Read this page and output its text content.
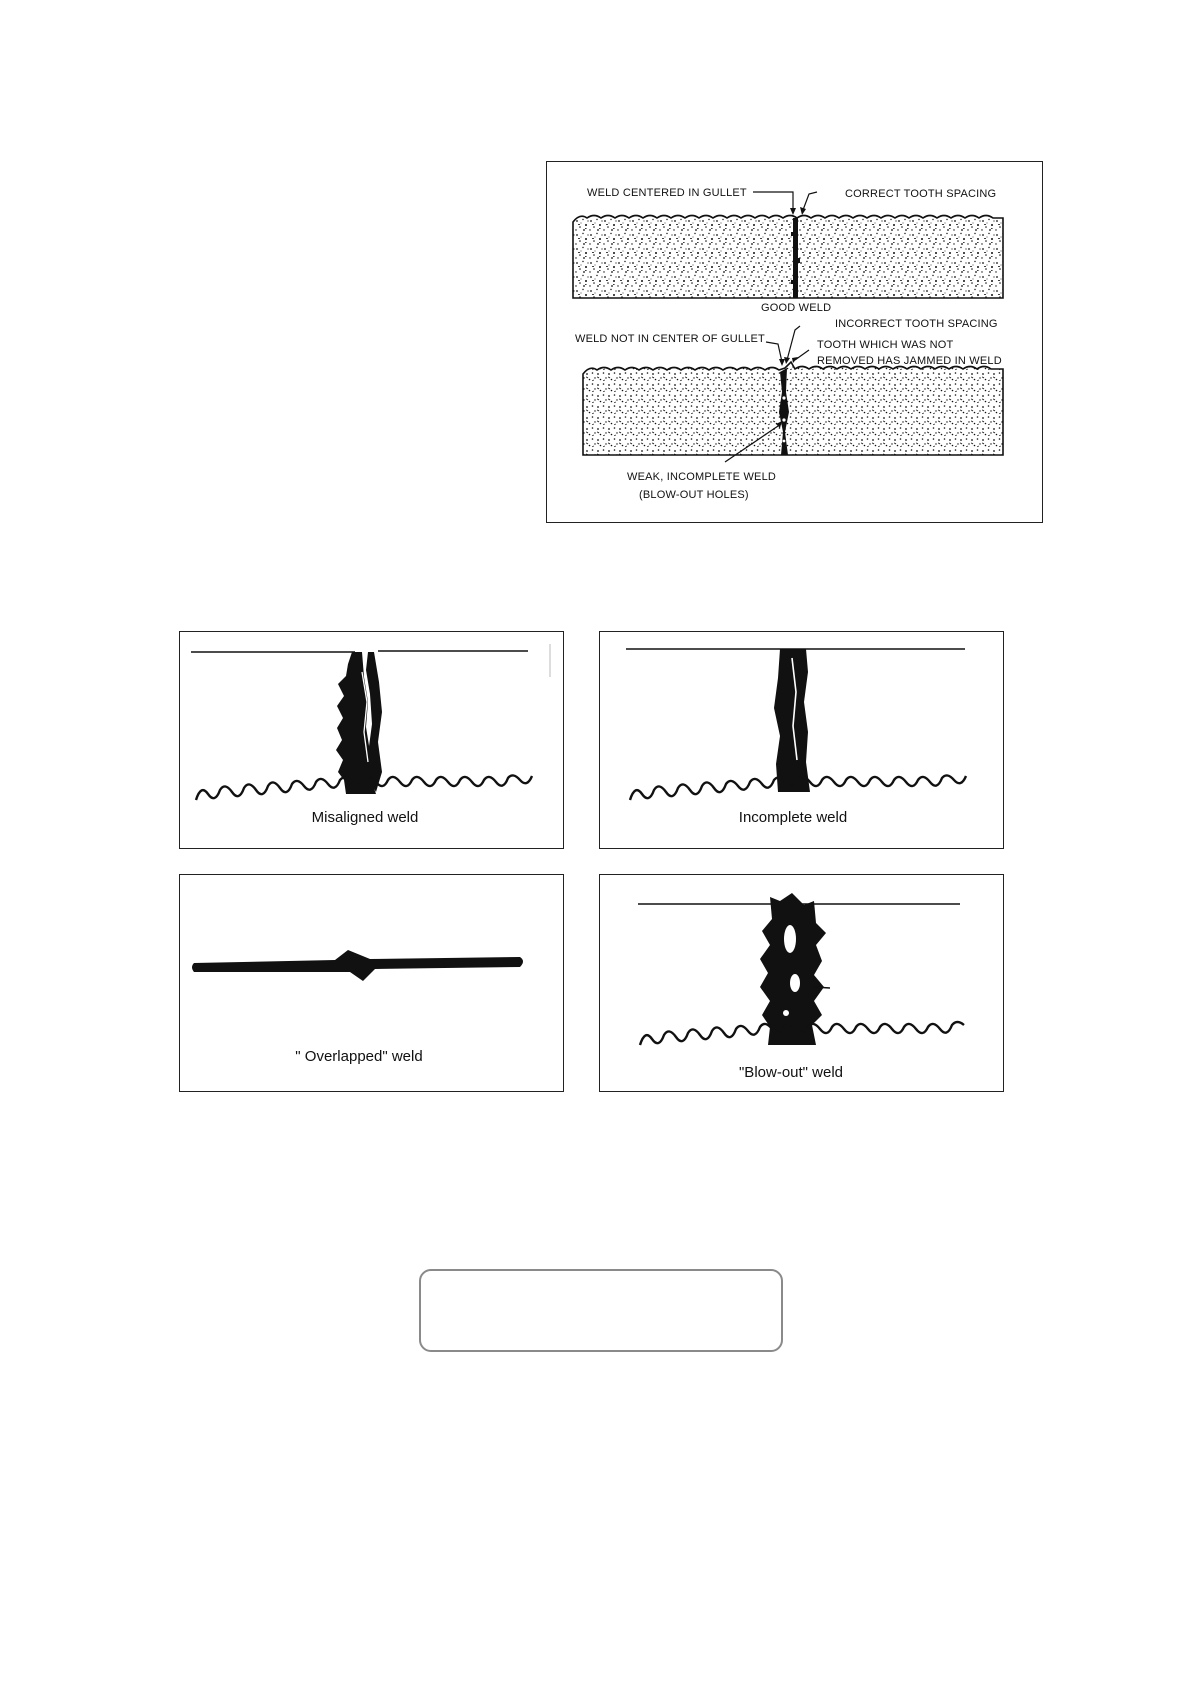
WELD CENTERED IN GULLET	CORRECT TOOTH SPACING
GOOD WELD
INCORRECT TOOTH SPACING
WELD NOT IN CENTER OF GULLET	TOOTH WHICH WAS NOT
REMOVED HAS JAMMED IN WELD
WEAK, INCOMPLETE WELD
(BLOW-OUT HOLES)
Misaligned weld	Incomplete weld
" Overlapped" weld
"Blow-out" weld
